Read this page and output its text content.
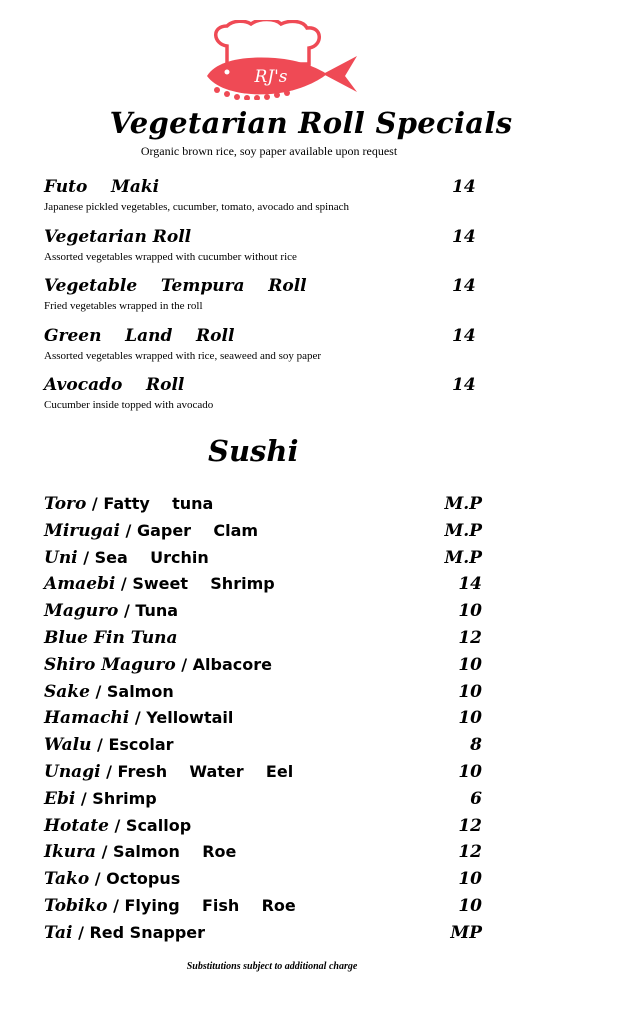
RJ's
Vegetarian Roll Specials
Organic brown rice, soy paper available upon request
Futo    Maki	14
Japanese pickled vegetables, cucumber, tomato, avocado and spinach
Vegetarian Roll	14
Assorted vegetables wrapped with cucumber without rice
Vegetable    Tempura    Roll	14
Fried vegetables wrapped in the roll
Green    Land    Roll	14
Assorted vegetables wrapped with rice, seaweed and soy paper
Avocado    Roll	14
Cucumber inside topped with avocado
Sushi
Toro / Fatty    tuna	M.P
Mirugai / Gaper    Clam	M.P
Uni / Sea    Urchin	M.P
Amaebi / Sweet    Shrimp	14
Maguro / Tuna	10
Blue Fin Tuna	12
Shiro Maguro / Albacore	10
Sake / Salmon	10
Hamachi / Yellowtail	10
Walu / Escolar	8
Unagi / Fresh    Water    Eel	10
Ebi / Shrimp	6
Hotate / Scallop	12
Ikura / Salmon    Roe	12
Tako / Octopus	10
Tobiko / Flying    Fish    Roe	10
Tai / Red Snapper	MP
Substitutions subject to additional charge
